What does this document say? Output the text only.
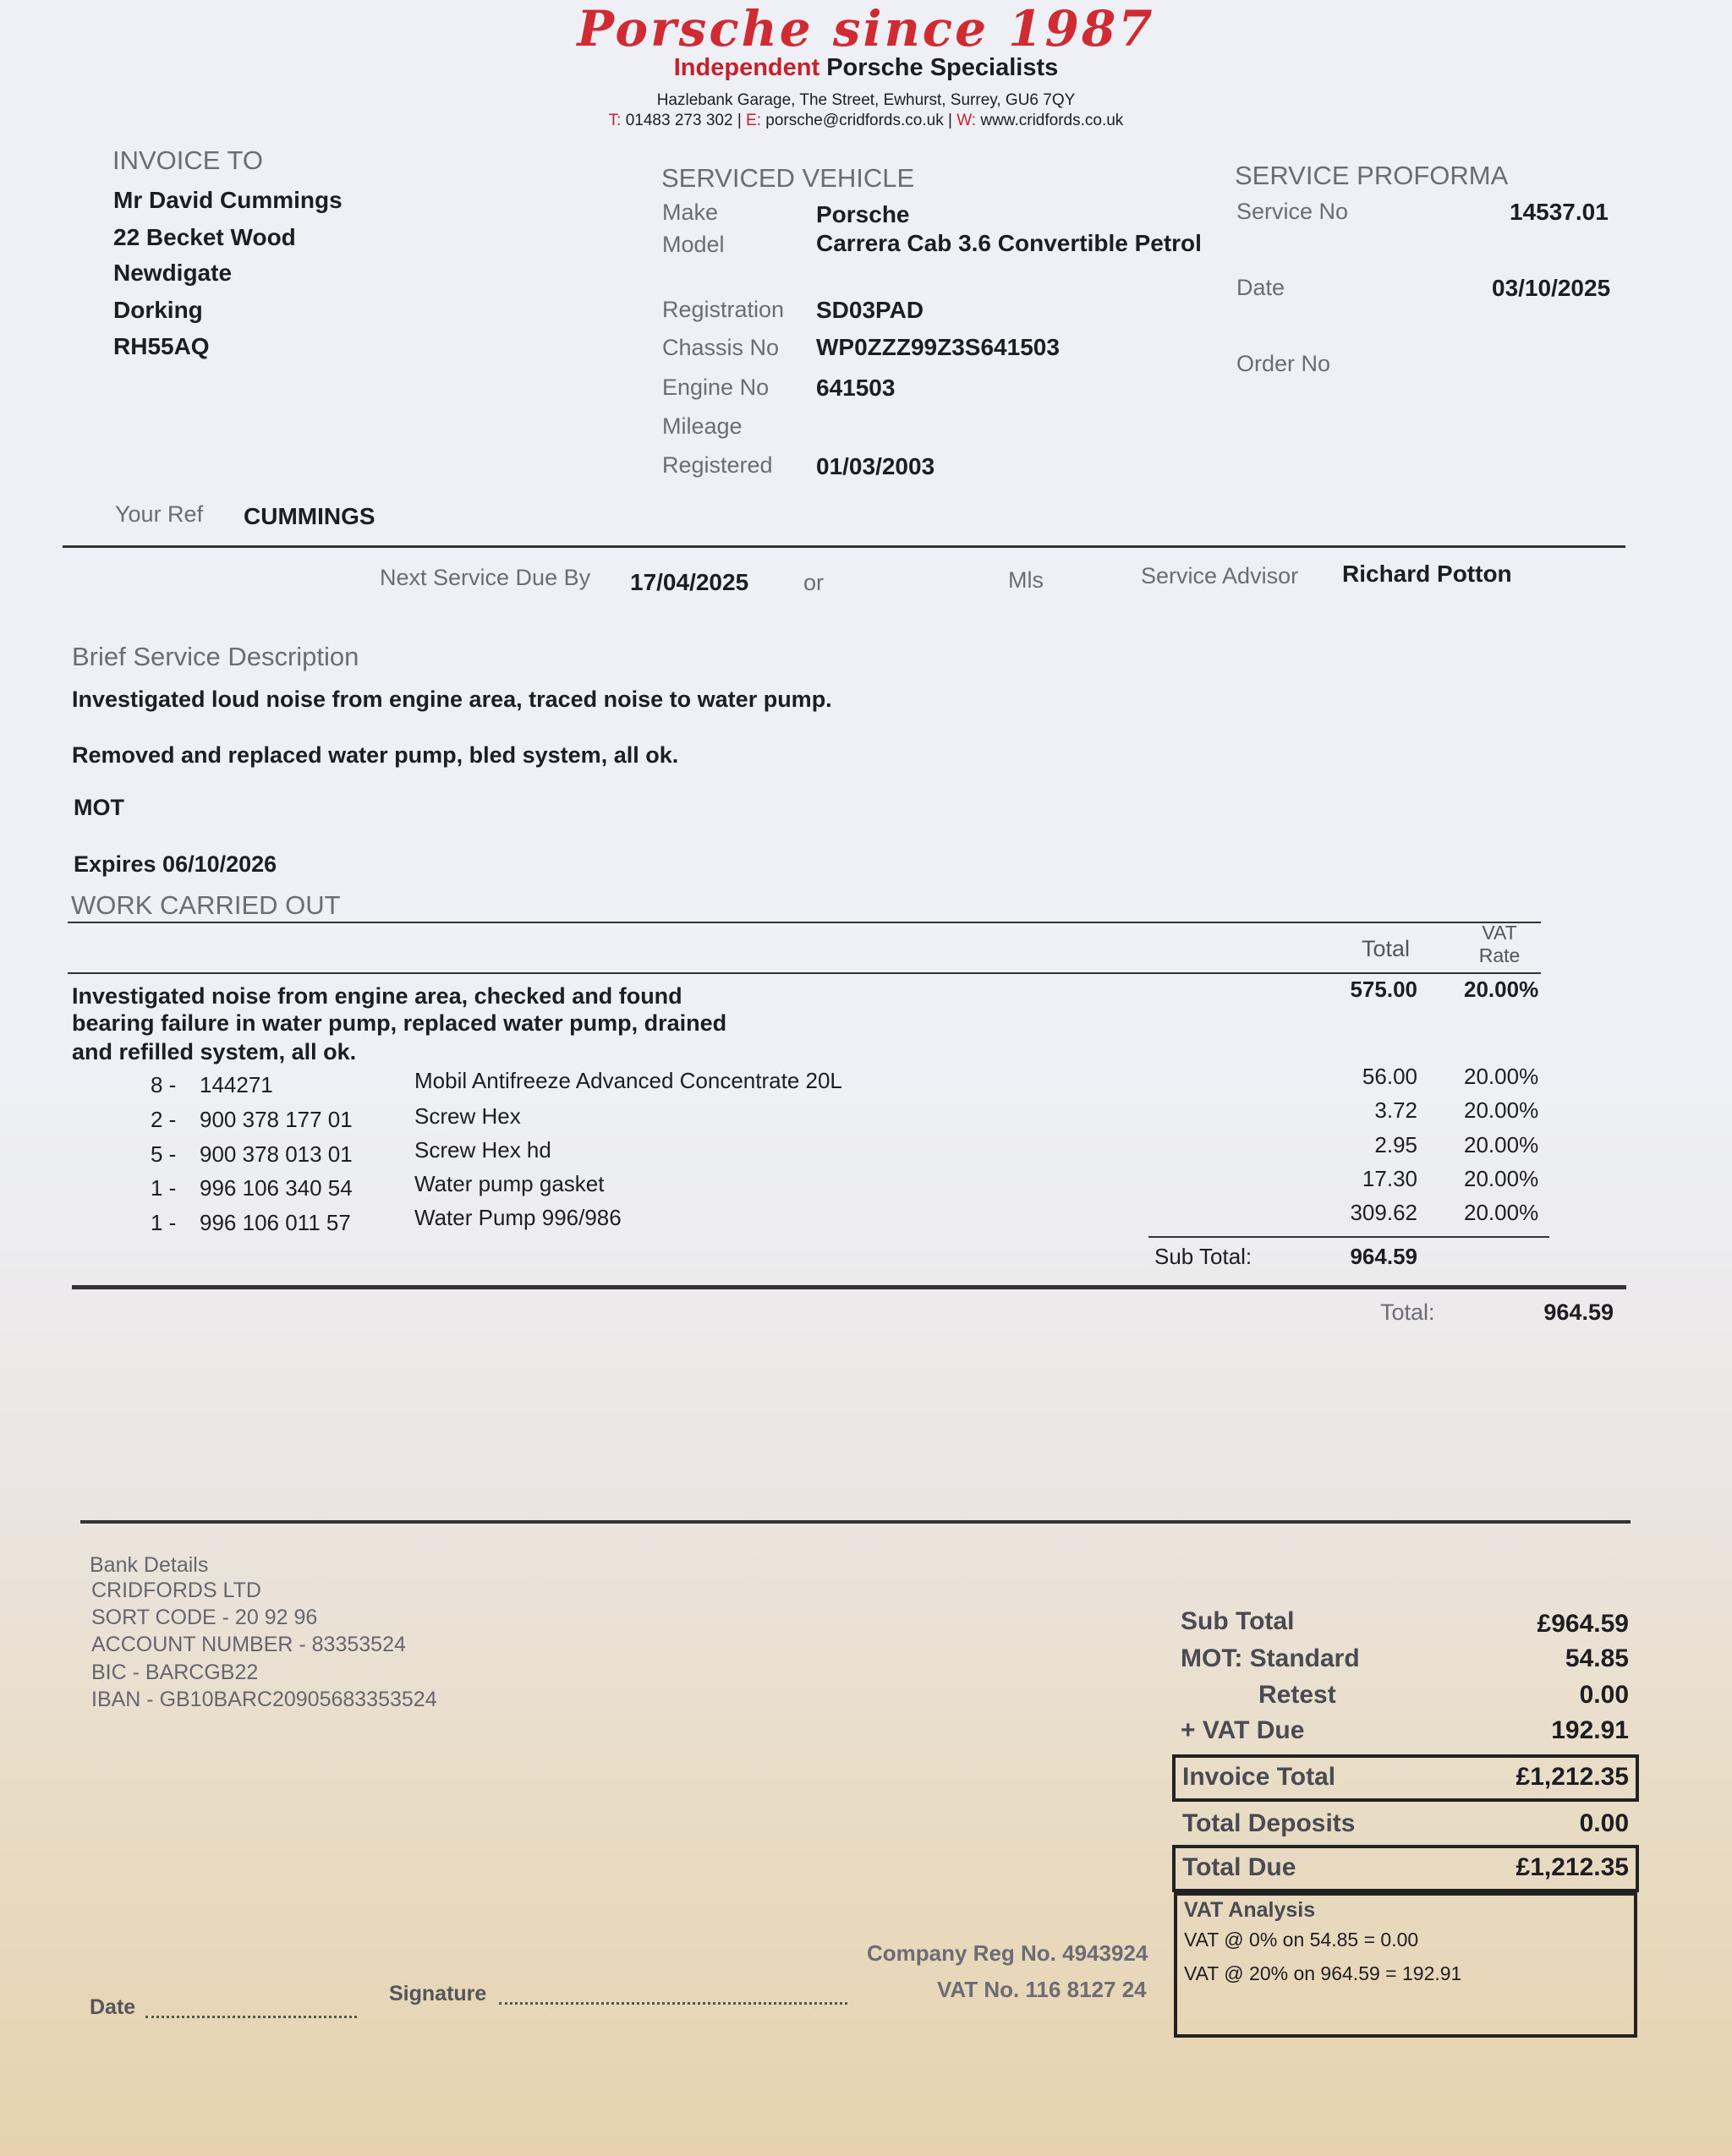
Porsche since 1987
Independent Porsche Specialists
Hazlebank Garage, The Street, Ewhurst, Surrey, GU6 7QY
T: 01483 273 302 | E: porsche@cridfords.co.uk | W: www.cridfords.co.uk
INVOICE TO
Mr David Cummings
22 Becket Wood
Newdigate
Dorking
RH55AQ
SERVICED VEHICLE
Make	Porsche
Model	Carrera Cab 3.6 Convertible Petrol
Registration SD03PAD
Chassis No WP0ZZZ99Z3S641503
Engine No 641503
Mileage
Registered 01/03/2003
SERVICE PROFORMA
Service No	14537.01
Date	03/10/2025
Order No
Your Ref CUMMINGS
Next Service Due By 17/04/2025 or	Mls	Service Advisor Richard Potton
Brief Service Description
Investigated loud noise from engine area, traced noise to water pump.
Removed and replaced water pump, bled system, all ok.
MOT
Expires 06/10/2026
WORK CARRIED OUT
Total
VAT
Rate
Investigated noise from engine area, checked and found
bearing failure in water pump, replaced water pump, drained
and refilled system, all ok.
575.00 20.00%
8 - 144271	Mobil Antifreeze Advanced Concentrate 20L	56.00 20.00%
2 - 900 378 177 01	Screw Hex	3.72 20.00%
5 - 900 378 013 01	Screw Hex hd	2.95 20.00%
1 - 996 106 340 54	Water pump gasket	17.30 20.00%
1 - 996 106 011 57	Water Pump 996/986	309.62 20.00%
Sub Total:	964.59
Total:	964.59
Bank Details
CRIDFORDS LTD
SORT CODE - 20 92 96
ACCOUNT NUMBER - 83353524
BIC - BARCGB22
IBAN - GB10BARC20905683353524
Sub Total	£964.59
MOT: Standard	54.85
Retest	0.00
+ VAT Due	192.91
Invoice Total	£1,212.35
Total Deposits	0.00
Total Due	£1,212.35
VAT Analysis
VAT @ 0% on 54.85 = 0.00
VAT @ 20% on 964.59 = 192.91
Company Reg No. 4943924
VAT No. 116 8127 24
Date
Signature
